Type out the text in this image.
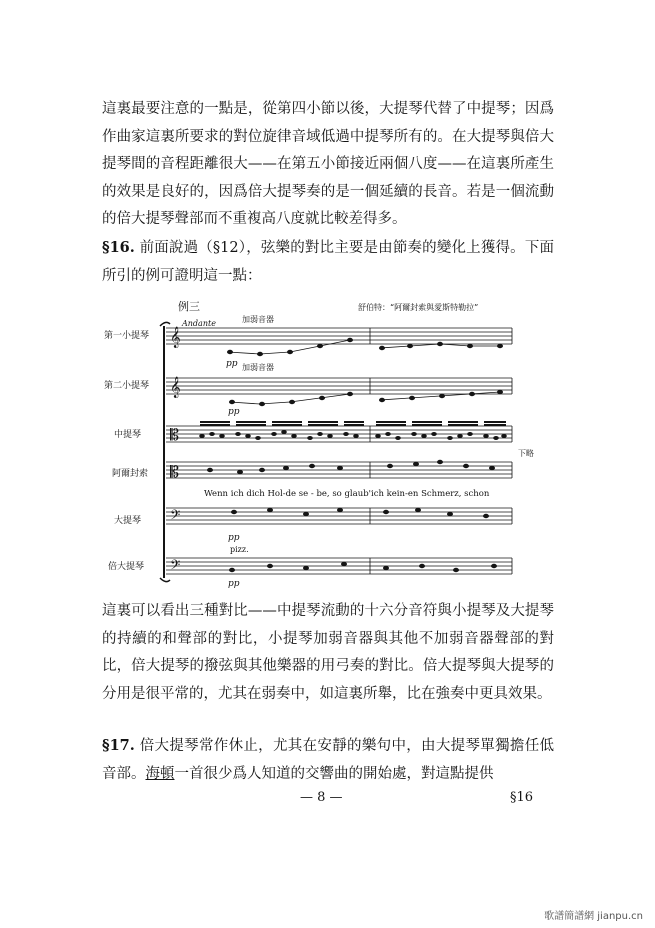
這裏最要注意的一點是，從第四小節以後，大提琴代替了中提琴；因爲作曲家這裏所要求的對位旋律音域低過中提琴所有的。在大提琴與倍大提琴間的音程距離很大——在第五小節接近兩個八度——在這裏所產生的效果是良好的，因爲倍大提琴奏的是一個延續的長音。若是一個流動的倍大提琴聲部而不重複高八度就比較差得多。

§16. 前面說過（§12），弦樂的對比主要是由節奏的變化上獲得。下面所引的例可證明這一點：

例三	舒伯特：“阿爾封索與愛斯特勒拉”
Andante	加弱音器
加弱音器
第一小提琴
第二小提琴
中提琴
阿爾封索
大提琴
倍大提琴
𝄞
pp
𝄞
pp
𝄡
下略
𝄡
Wenn ich dich Hol-de se - be, so glaub'ich kein-en Schmerz, schon
𝄢
pp
𝄢
pizz.
pp

這裏可以看出三種對比——中提琴流動的十六分音符與小提琴及大提琴的持續的和聲部的對比，小提琴加弱音器與其他不加弱音器聲部的對比，倍大提琴的撥弦與其他樂器的用弓奏的對比。倍大提琴與大提琴的分用是很平常的，尤其在弱奏中，如這裏所舉，比在強奏中更具效果。

§17. 倍大提琴常作休止，尤其在安靜的樂句中，由大提琴單獨擔任低音部。海頓一首很少爲人知道的交響曲的開始處，對這點提供

— 8 —	§16
歌譜簡譜網 jianpu.cn
